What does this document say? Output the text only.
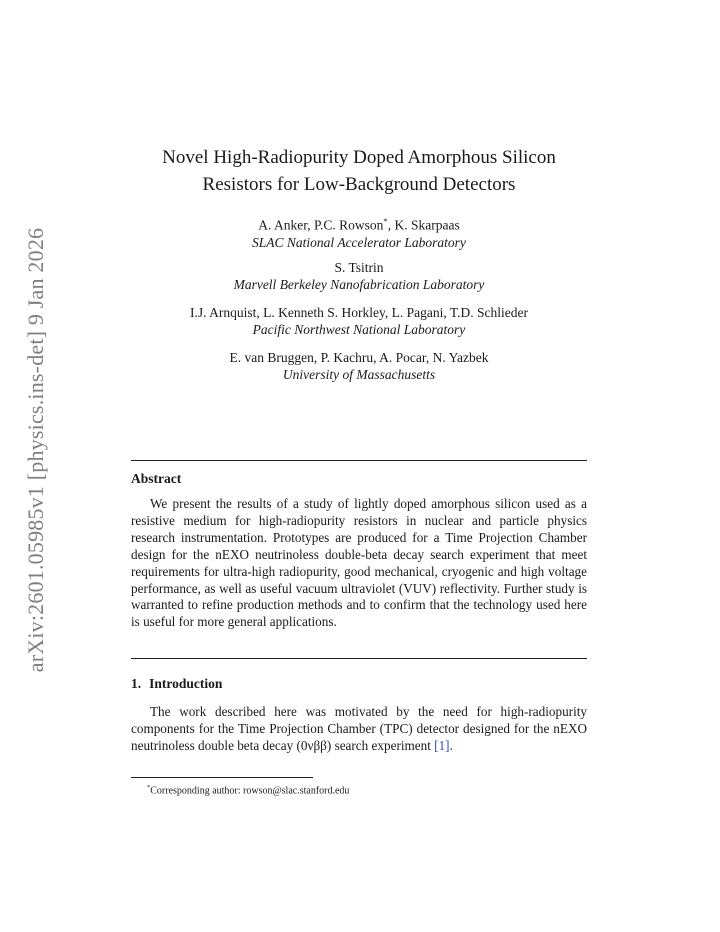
arXiv:2601.05985v1 [physics.ins-det] 9 Jan 2026
Novel High-Radiopurity Doped Amorphous Silicon
Resistors for Low-Background Detectors
A. Anker, P.C. Rowson*, K. Skarpaas
SLAC National Accelerator Laboratory
S. Tsitrin
Marvell Berkeley Nanofabrication Laboratory
I.J. Arnquist, L. Kenneth S. Horkley, L. Pagani, T.D. Schlieder
Pacific Northwest National Laboratory
E. van Bruggen, P. Kachru, A. Pocar, N. Yazbek
University of Massachusetts
Abstract

We present the results of a study of lightly doped amorphous silicon used as a resistive medium for high-radiopurity resistors in nuclear and particle physics research instrumentation. Prototypes are produced for a Time Projection Chamber design for the nEXO neutrinoless double-beta decay search experiment that meet requirements for ultra-high radiopurity, good mechanical, cryogenic and high voltage performance, as well as useful vacuum ultraviolet (VUV) reflectivity. Further study is warranted to refine production methods and to confirm that the technology used here is useful for more general applications.

1. Introduction

The work described here was motivated by the need for high-radiopurity components for the Time Projection Chamber (TPC) detector designed for the nEXO neutrinoless double beta decay (0νββ) search experiment [1].

*Corresponding author: rowson@slac.stanford.edu
